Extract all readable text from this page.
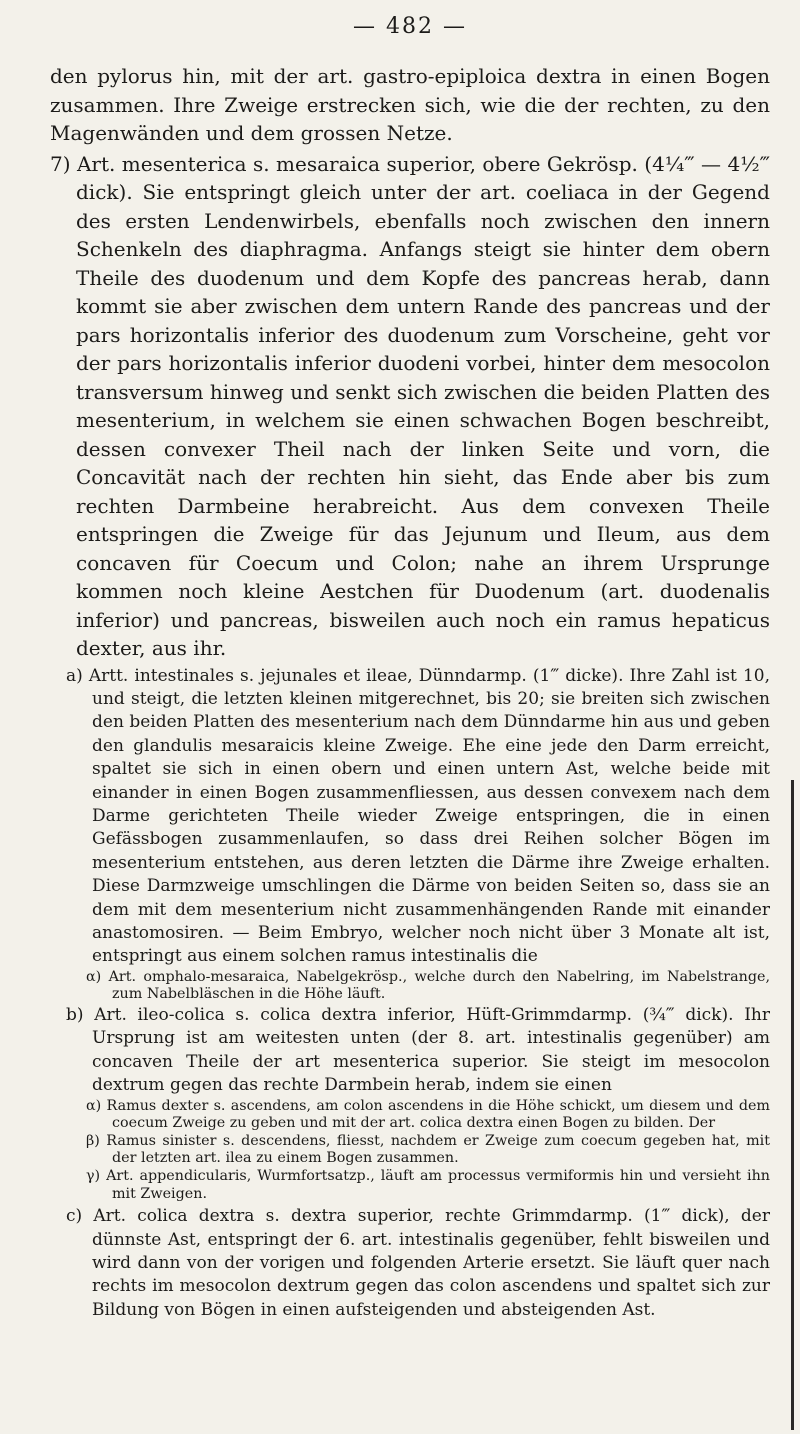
— 482 —

den pylorus hin, mit der art. gastro-epiploica dextra in einen Bogen zusammen. Ihre Zweige erstrecken sich, wie die der rechten, zu den Magenwänden und dem grossen Netze.

7) Art. mesenterica s. mesaraica superior, obere Gekrösp. (4¼‴ — 4½‴ dick). Sie entspringt gleich unter der art. coeliaca in der Gegend des ersten Lendenwirbels, ebenfalls noch zwischen den innern Schenkeln des diaphragma. Anfangs steigt sie hinter dem obern Theile des duodenum und dem Kopfe des pancreas herab, dann kommt sie aber zwischen dem untern Rande des pancreas und der pars horizontalis inferior des duodenum zum Vorscheine, geht vor der pars horizontalis inferior duodeni vorbei, hinter dem mesocolon transversum hinweg und senkt sich zwischen die beiden Platten des mesenterium, in welchem sie einen schwachen Bogen beschreibt, dessen convexer Theil nach der linken Seite und vorn, die Concavität nach der rechten hin sieht, das Ende aber bis zum rechten Darmbeine herabreicht. Aus dem convexen Theile entspringen die Zweige für das Jejunum und Ileum, aus dem concaven für Coecum und Colon; nahe an ihrem Ursprunge kommen noch kleine Aestchen für Duodenum (art. duodenalis inferior) und pancreas, bisweilen auch noch ein ramus hepaticus dexter, aus ihr.

a) Artt. intestinales s. jejunales et ileae, Dünndarmp. (1‴ dicke). Ihre Zahl ist 10, und steigt, die letzten kleinen mitgerechnet, bis 20; sie breiten sich zwischen den beiden Platten des mesenterium nach dem Dünndarme hin aus und geben den glandulis mesaraicis kleine Zweige. Ehe eine jede den Darm erreicht, spaltet sie sich in einen obern und einen untern Ast, welche beide mit einander in einen Bogen zusammenfliessen, aus dessen convexem nach dem Darme gerichteten Theile wieder Zweige entspringen, die in einen Gefässbogen zusammenlaufen, so dass drei Reihen solcher Bögen im mesenterium entstehen, aus deren letzten die Därme ihre Zweige erhalten. Diese Darmzweige umschlingen die Därme von beiden Seiten so, dass sie an dem mit dem mesenterium nicht zusammenhängenden Rande mit einander anastomosiren. — Beim Embryo, welcher noch nicht über 3 Monate alt ist, entspringt aus einem solchen ramus intestinalis die

α) Art. omphalo-mesaraica, Nabelgekrösp., welche durch den Nabelring, im Nabelstrange, zum Nabelbläschen in die Höhe läuft.

b) Art. ileo-colica s. colica dextra inferior, Hüft-Grimmdarmp. (¾‴ dick). Ihr Ursprung ist am weitesten unten (der 8. art. intestinalis gegenüber) am concaven Theile der art mesenterica superior. Sie steigt im mesocolon dextrum gegen das rechte Darmbein herab, indem sie einen

α) Ramus dexter s. ascendens, am colon ascendens in die Höhe schickt, um diesem und dem coecum Zweige zu geben und mit der art. colica dextra einen Bogen zu bilden. Der

β) Ramus sinister s. descendens, fliesst, nachdem er Zweige zum coecum gegeben hat, mit der letzten art. ilea zu einem Bogen zusammen.

γ) Art. appendicularis, Wurmfortsatzp., läuft am processus vermiformis hin und versieht ihn mit Zweigen.

c) Art. colica dextra s. dextra superior, rechte Grimmdarmp. (1‴ dick), der dünnste Ast, entspringt der 6. art. intestinalis gegenüber, fehlt bisweilen und wird dann von der vorigen und folgenden Arterie ersetzt. Sie läuft quer nach rechts im mesocolon dextrum gegen das colon ascendens und spaltet sich zur Bildung von Bögen in einen aufsteigenden und absteigenden Ast.
